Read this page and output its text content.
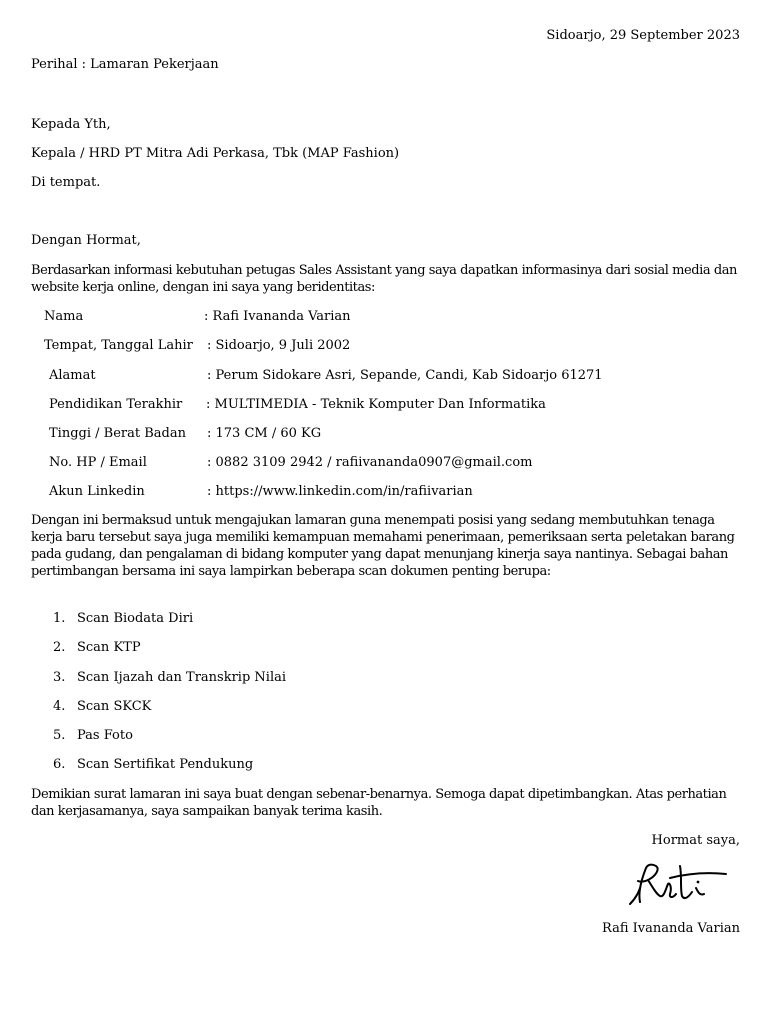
Sidoarjo, 29 September 2023
Perihal : Lamaran Pekerjaan
Kepada Yth,
Kepala / HRD PT Mitra Adi Perkasa, Tbk (MAP Fashion)
Di tempat.
Dengan Hormat,
Berdasarkan informasi kebutuhan petugas Sales Assistant yang saya dapatkan informasinya dari sosial media dan website kerja online, dengan ini saya yang beridentitas:
Nama	: Rafi Ivananda Varian
Tempat, Tanggal Lahir : Sidoarjo, 9 Juli 2002
Alamat	: Perum Sidokare Asri, Sepande, Candi, Kab Sidoarjo 61271
Pendidikan Terakhir : MULTIMEDIA - Teknik Komputer Dan Informatika
Tinggi / Berat Badan : 173 CM / 60 KG
No. HP / Email	: 0882 3109 2942 / rafiivananda0907@gmail.com
Akun Linkedin	: https://www.linkedin.com/in/rafiivarian
Dengan ini bermaksud untuk mengajukan lamaran guna menempati posisi yang sedang membutuhkan tenaga kerja baru tersebut saya juga memiliki kemampuan memahami penerimaan, pemeriksaan serta peletakan barang pada gudang, dan pengalaman di bidang komputer yang dapat menunjang kinerja saya nantinya. Sebagai bahan pertimbangan bersama ini saya lampirkan beberapa scan dokumen penting berupa:
1. Scan Biodata Diri
2. Scan KTP
3. Scan Ijazah dan Transkrip Nilai
4. Scan SKCK
5. Pas Foto
6. Scan Sertifikat Pendukung
Demikian surat lamaran ini saya buat dengan sebenar-benarnya. Semoga dapat dipetimbangkan. Atas perhatian dan kerjasamanya, saya sampaikan banyak terima kasih.
Hormat saya,
Rafi Ivananda Varian
